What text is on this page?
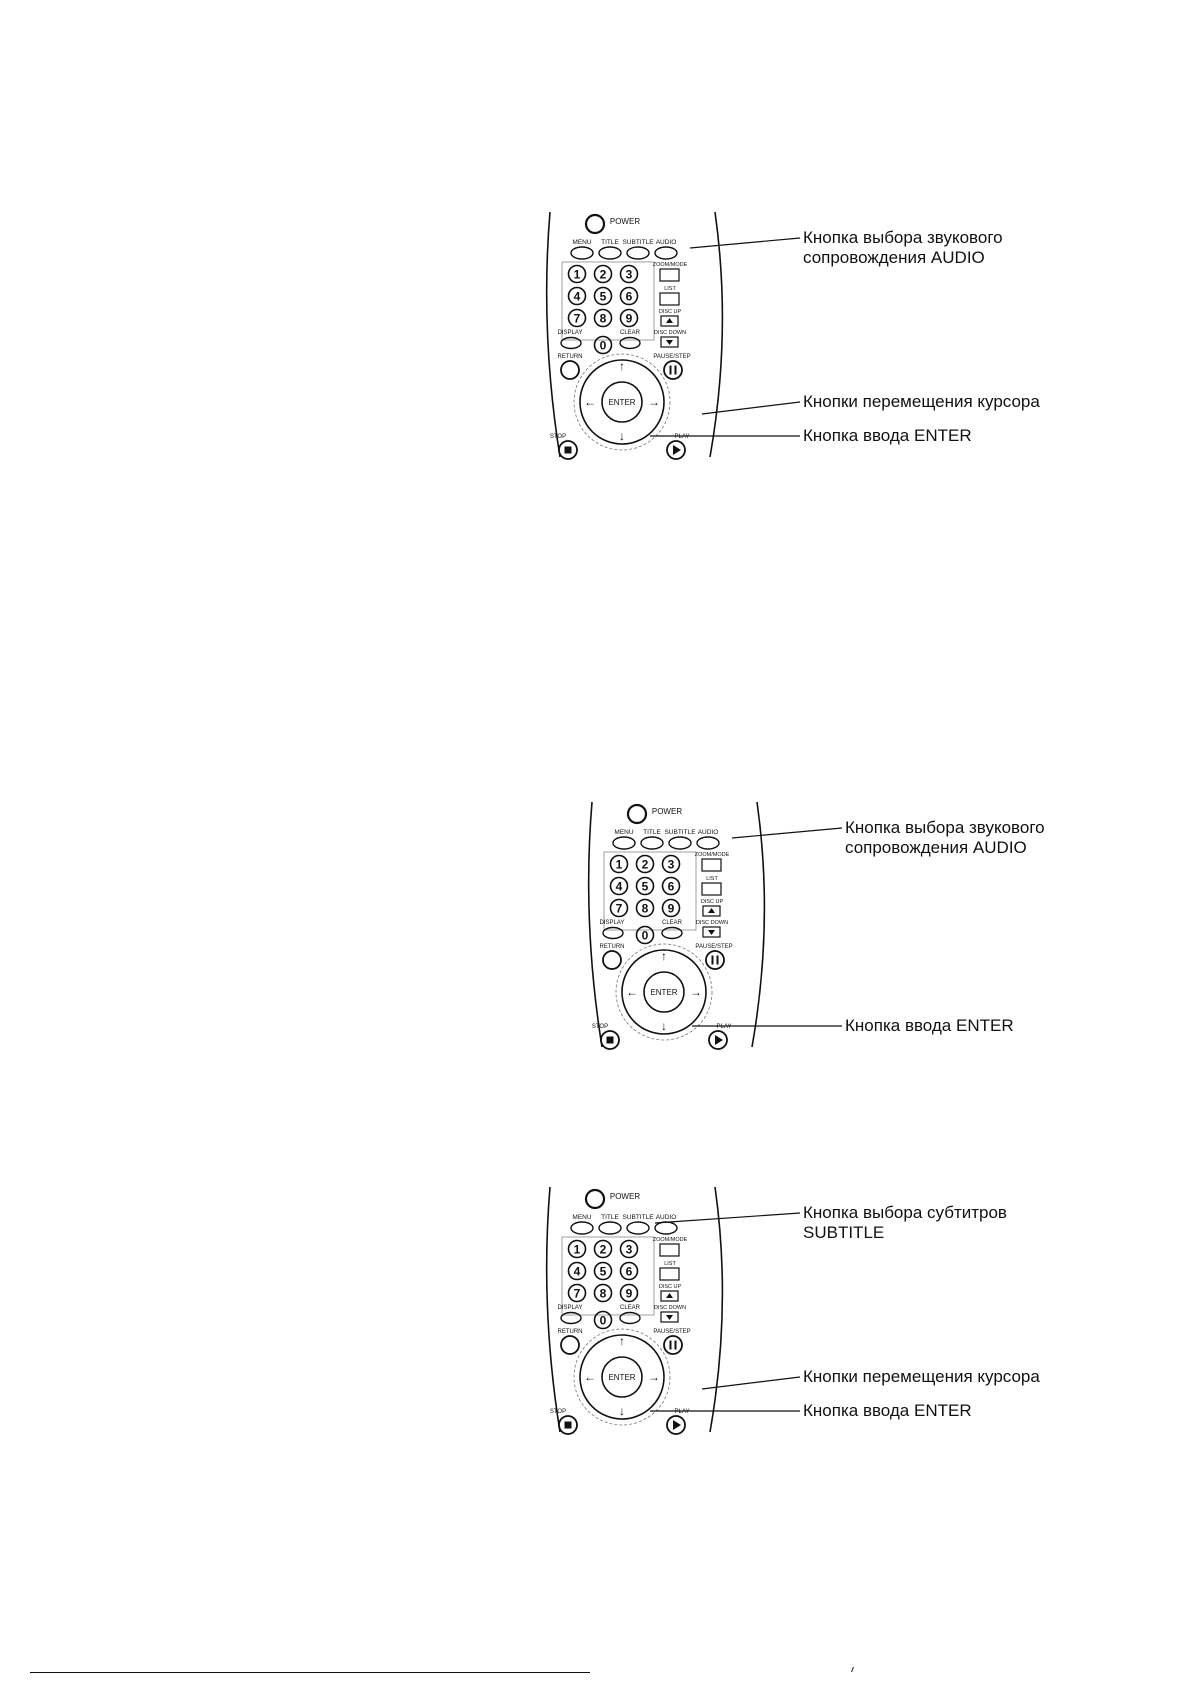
POWER
MENU TITLE SUBTITLE AUDIO
1 2 3
4 5 6
7 8 9
DISPLAY
0
CLEAR
ZOOM/MODE
LIST
DISC UP
DISC DOWN
RETURN	PAUSE/STEP
ENTER
↑
↓
←	→
STOP	PLAY
Кнопка выбора звукового
сопровождения AUDIO
Кнопки перемещения курсора
Кнопка ввода ENTER
POWER
MENU TITLE SUBTITLE AUDIO
1 2 3
4 5 6
7 8 9
DISPLAY
0
CLEAR
ZOOM/MODE
LIST
DISC UP
DISC DOWN
RETURN	PAUSE/STEP
ENTER
↑
↓
←	→
STOP	PLAY
Кнопка выбора звукового
сопровождения AUDIO
Кнопка ввода ENTER
POWER
MENU TITLE SUBTITLE AUDIO
1 2 3
4 5 6
7 8 9
DISPLAY
0
CLEAR
ZOOM/MODE
LIST
DISC UP
DISC DOWN
RETURN	PAUSE/STEP
ENTER
↑
↓
←	→
STOP	PLAY
Кнопка выбора субтитров
SUBTITLE
Кнопки перемещения курсора
Кнопка ввода ENTER
